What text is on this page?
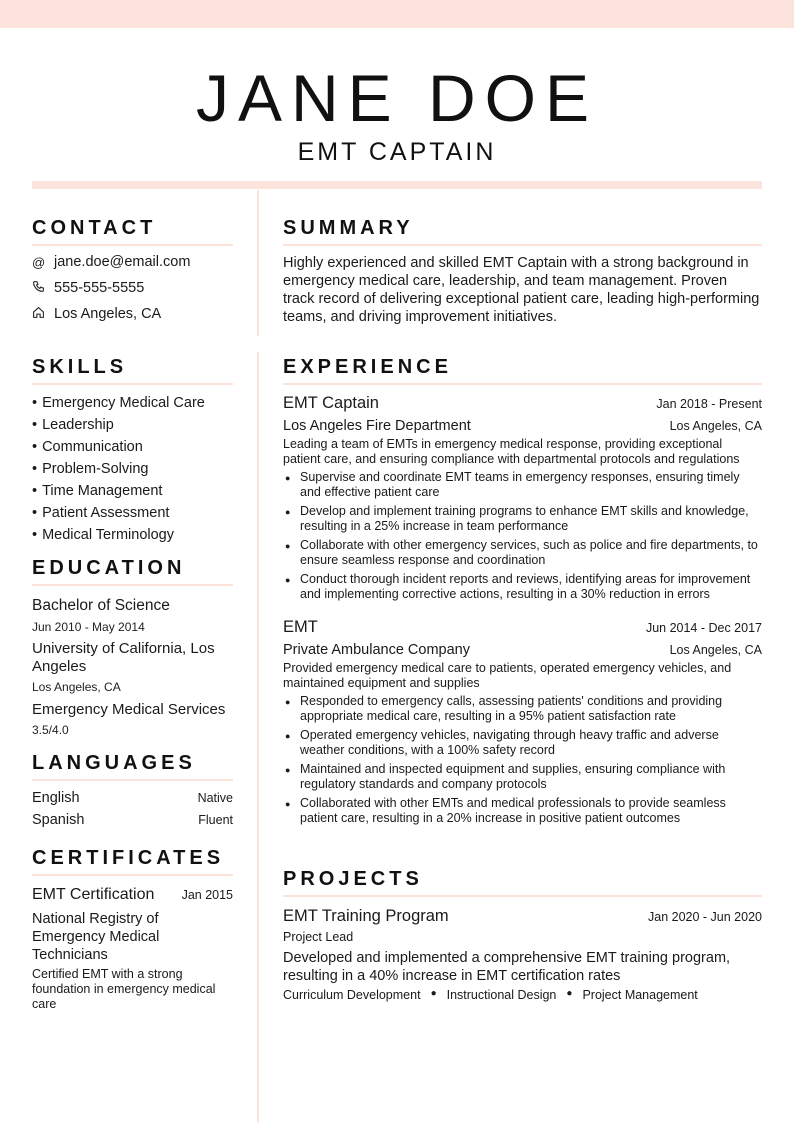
JANE DOE
EMT CAPTAIN
CONTACT
@ jane.doe@email.com
555-555-5555
Los Angeles, CA
SUMMARY

Highly experienced and skilled EMT Captain with a strong background in emergency medical care, leadership, and team management. Proven track record of delivering exceptional patient care, leading high-performing teams, and driving improvement initiatives.

SKILLS
• Emergency Medical Care
• Leadership
• Communication
• Problem-Solving
• Time Management
• Patient Assessment
• Medical Terminology
EDUCATION
Bachelor of Science
Jun 2010 - May 2014
University of California, Los Angeles
Los Angeles, CA
Emergency Medical Services
3.5/4.0
LANGUAGES
English	Native
Spanish	Fluent
CERTIFICATES
EMT Certification Jan 2015
National Registry of Emergency Medical Technicians
Certified EMT with a strong foundation in emergency medical care
EXPERIENCE
EMT Captain	Jan 2018 - Present
Los Angeles Fire Department	Los Angeles, CA
Leading a team of EMTs in emergency medical response, providing exceptional patient care, and ensuring compliance with departmental protocols and regulations
● Supervise and coordinate EMT teams in emergency responses, ensuring timely and effective patient care
● Develop and implement training programs to enhance EMT skills and knowledge, resulting in a 25% increase in team performance
● Collaborate with other emergency services, such as police and fire departments, to ensure seamless response and coordination
● Conduct thorough incident reports and reviews, identifying areas for improvement and implementing corrective actions, resulting in a 30% reduction in errors
EMT	Jun 2014 - Dec 2017
Private Ambulance Company	Los Angeles, CA
Provided emergency medical care to patients, operated emergency vehicles, and maintained equipment and supplies
● Responded to emergency calls, assessing patients' conditions and providing appropriate medical care, resulting in a 95% patient satisfaction rate
● Operated emergency vehicles, navigating through heavy traffic and adverse weather conditions, with a 100% safety record
● Maintained and inspected equipment and supplies, ensuring compliance with regulatory standards and company protocols
● Collaborated with other EMTs and medical professionals to provide seamless patient care, resulting in a 20% increase in positive patient outcomes
PROJECTS
EMT Training Program	Jan 2020 - Jun 2020
Project Lead
Developed and implemented a comprehensive EMT training program, resulting in a 40% increase in EMT certification rates
Curriculum Development ● Instructional Design ● Project Management
